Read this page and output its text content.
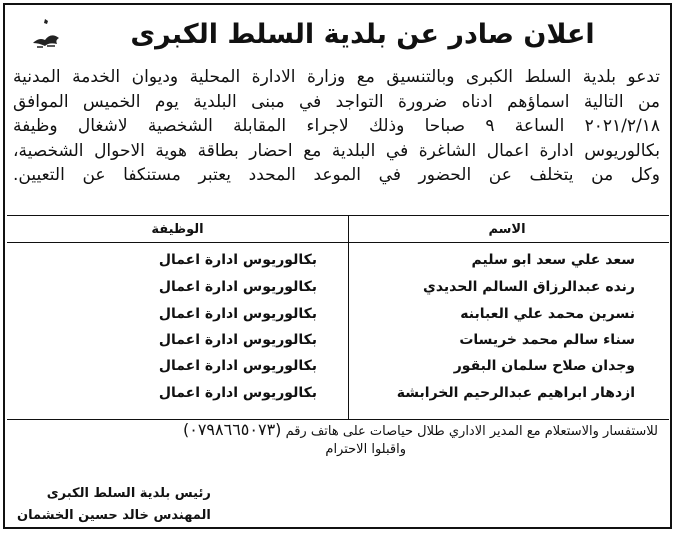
اعلان صادر عن بلدية السلط الكبرى
تدعو بلدية السلط الكبرى وبالتنسيق مع وزارة الادارة المحلية وديوان الخدمة المدنية
من التالية اسماؤهم ادناه ضرورة التواجد في مبنى البلدية يوم الخميس الموافق
٢٠٢١/٢/١٨ الساعة ٩ صباحا وذلك لاجراء المقابلة الشخصية لاشغال وظيفة
بكالوريوس ادارة اعمال الشاغرة في البلدية مع احضار بطاقة هوية الاحوال الشخصية،
وكل من يتخلف عن الحضور في الموعد المحدد يعتبر مستنكفا عن التعيين.
الاسم
الوظيفة
سعد علي سعد ابو سليم
بكالوريوس ادارة اعمال
رنده عبدالرزاق السالم الحديدي
بكالوريوس ادارة اعمال
نسرين محمد علي العبابنه
بكالوريوس ادارة اعمال
سناء سالم محمد خريسات
بكالوريوس ادارة اعمال
وجدان صلاح سلمان البقور
بكالوريوس ادارة اعمال
ازدهار ابراهيم عبدالرحيم الخرابشة
بكالوريوس ادارة اعمال
للاستفسار والاستعلام مع المدير الاداري طلال حياصات على هاتف رقم (٠٧٩٨٦٦٥٠٧٣)
واقبلوا الاحترام
رئيس بلدية السلط الكبرى
المهندس خالد حسين الخشمان
